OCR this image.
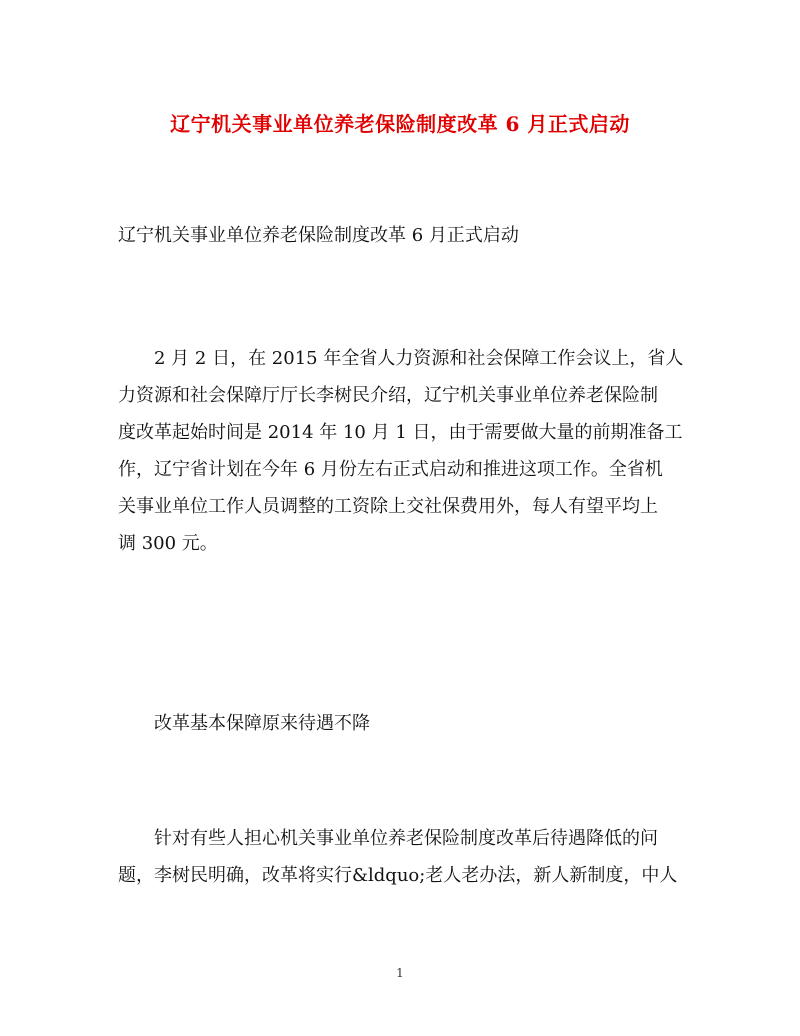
辽宁机关事业单位养老保险制度改革 6 月正式启动
辽宁机关事业单位养老保险制度改革 6 月正式启动
　　2 月 2 日，在 2015 年全省人力资源和社会保障工作会议上，省人
力资源和社会保障厅厅长李树民介绍，辽宁机关事业单位养老保险制
度改革起始时间是 2014 年 10 月 1 日，由于需要做大量的前期准备工
作，辽宁省计划在今年 6 月份左右正式启动和推进这项工作。全省机
关事业单位工作人员调整的工资除上交社保费用外，每人有望平均上
调 300 元。
改革基本保障原来待遇不降
　　针对有些人担心机关事业单位养老保险制度改革后待遇降低的问
题，李树民明确，改革将实行&ldquo;老人老办法，新人新制度，中人
1
